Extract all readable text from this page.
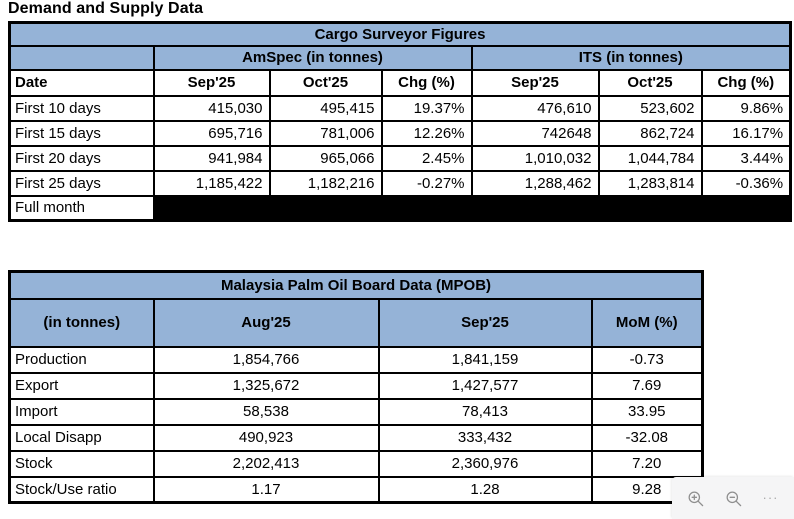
Demand and Supply Data
Cargo Surveyor Figures						
	AmSpec (in tonnes)			ITS (in tonnes)		
Date	Sep'25	Oct'25	Chg (%)	Sep'25	Oct'25	Chg (%)
First 10 days	415,030	495,415	19.37%	476,610	523,602	9.86%
First 15 days	695,716	781,006	12.26%	742648	862,724	16.17%
First 20 days	941,984	965,066	2.45%	1,010,032	1,044,784	3.44%
First 25 days	1,185,422	1,182,216	-0.27%	1,288,462	1,283,814	-0.36%
Full month						
Malaysia Palm Oil Board Data (MPOB)			
(in tonnes)	Aug'25	Sep'25	MoM (%)
Production	1,854,766	1,841,159	-0.73
Export	1,325,672	1,427,577	7.69
Import	58,538	78,413	33.95
Local Disapp	490,923	333,432	-32.08
Stock	2,202,413	2,360,976	7.20
Stock/Use ratio	1.17	1.28	9.28	···
